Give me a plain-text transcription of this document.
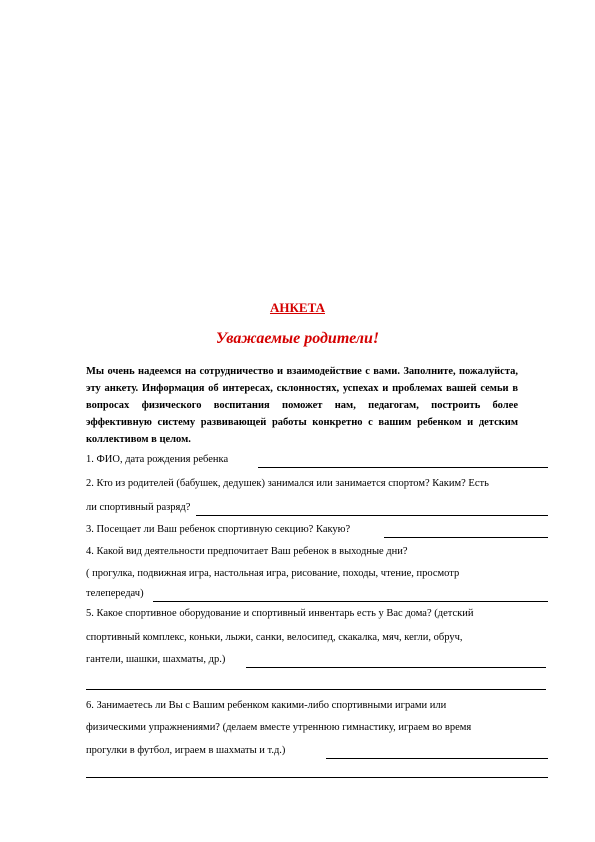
АНКЕТА
Уважаемые родители!
Мы очень надеемся на сотрудничество и взаимодействие с вами. Заполните, пожалуйста, эту анкету. Информация об интересах, склонностях, успехах и проблемах вашей семьи в вопросах физического воспитания поможет нам, педагогам, построить более эффективную систему развивающей работы конкретно с вашим ребенком и детским коллективом в целом.
1. ФИО, дата рождения ребенка
2. Кто из родителей (бабушек, дедушек) занимался или занимается спортом? Каким? Есть
ли спортивный разряд?
3. Посещает ли Ваш ребенок спортивную секцию? Какую?
4. Какой вид деятельности предпочитает Ваш ребенок в выходные дни?
( прогулка, подвижная игра, настольная игра, рисование, походы, чтение, просмотр
телепередач)
5. Какое спортивное оборудование и спортивный инвентарь есть у Вас дома? (детский
спортивный комплекс, коньки, лыжи, санки, велосипед, скакалка, мяч, кегли, обруч,
гантели, шашки, шахматы, др.)
6. Занимаетесь ли Вы с Вашим ребенком какими-либо спортивными играми или
физическими упражнениями? (делаем вместе утреннюю гимнастику, играем во время
прогулки в футбол, играем в шахматы и т.д.)
